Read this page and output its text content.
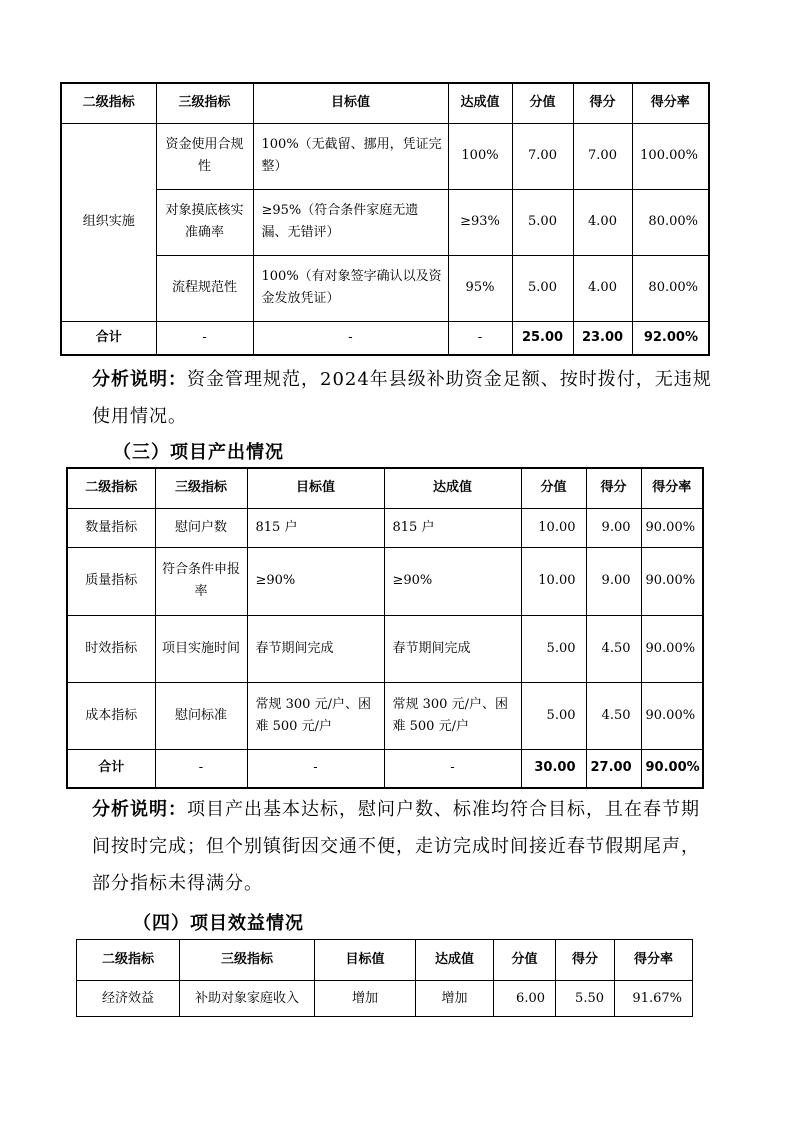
二级指标	三级指标	目标值	达成值	分值	得分	得分率
组织实施	资金使用合规性	100%（无截留、挪用，凭证完整）	100%	7.00	7.00	100.00%
	对象摸底核实准确率	≥95%（符合条件家庭无遗漏、无错评）	≥93%	5.00	4.00	80.00%
	流程规范性	100%（有对象签字确认以及资金发放凭证）	95%	5.00	4.00	80.00%
合计	-	-	-	25.00	23.00	92.00%

分析说明：资金管理规范，2024年县级补助资金足额、按时拨付，无违规使用情况。

（三）项目产出情况
二级指标	三级指标	目标值	达成值	分值	得分	得分率
数量指标	慰问户数	815 户	815 户	10.00	9.00	90.00%
质量指标	符合条件申报率	≥90%	≥90%	10.00	9.00	90.00%
时效指标	项目实施时间	春节期间完成	春节期间完成	5.00	4.50	90.00%
成本指标	慰问标准	常规 300 元/户、困难 500 元/户	常规 300 元/户、困难 500 元/户	5.00	4.50	90.00%
合计	-	-	-	30.00	27.00	90.00%

分析说明：项目产出基本达标，慰问户数、标准均符合目标，且在春节期间按时完成；但个别镇街因交通不便，走访完成时间接近春节假期尾声，部分指标未得满分。

（四）项目效益情况
二级指标	三级指标	目标值	达成值	分值	得分	得分率
经济效益	补助对象家庭收入	增加	增加	6.00	5.50	91.67%
